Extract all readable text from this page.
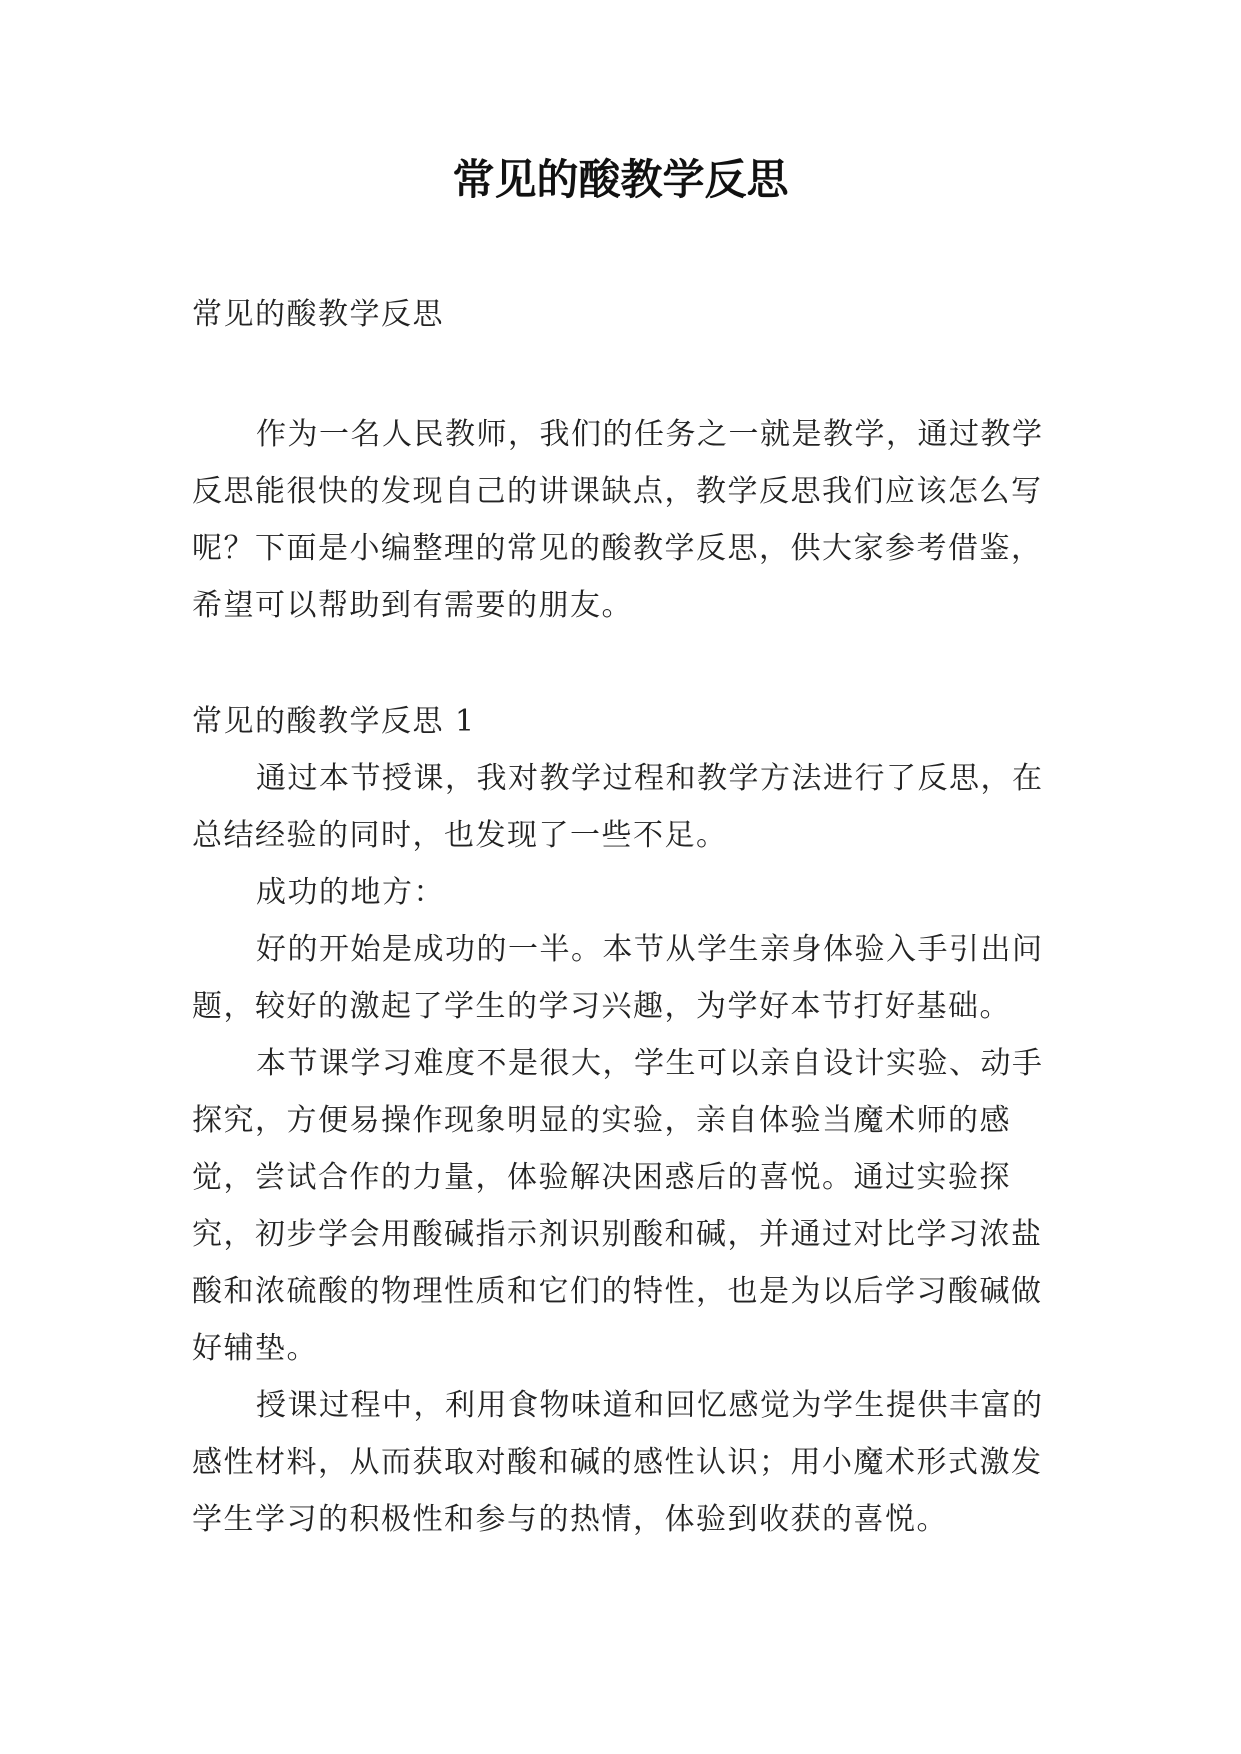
常见的酸教学反思

常见的酸教学反思

作为一名人民教师，我们的任务之一就是教学，通过教学反思能很快的发现自己的讲课缺点，教学反思我们应该怎么写呢？下面是小编整理的常见的酸教学反思，供大家参考借鉴，希望可以帮助到有需要的朋友。

常见的酸教学反思 1

通过本节授课，我对教学过程和教学方法进行了反思，在总结经验的同时，也发现了一些不足。

成功的地方：

好的开始是成功的一半。本节从学生亲身体验入手引出问题，较好的激起了学生的学习兴趣，为学好本节打好基础。

本节课学习难度不是很大，学生可以亲自设计实验、动手探究，方便易操作现象明显的实验，亲自体验当魔术师的感觉，尝试合作的力量，体验解决困惑后的喜悦。通过实验探究，初步学会用酸碱指示剂识别酸和碱，并通过对比学习浓盐酸和浓硫酸的物理性质和它们的特性，也是为以后学习酸碱做好辅垫。

授课过程中，利用食物味道和回忆感觉为学生提供丰富的感性材料，从而获取对酸和碱的感性认识；用小魔术形式激发学生学习的积极性和参与的热情，体验到收获的喜悦。
